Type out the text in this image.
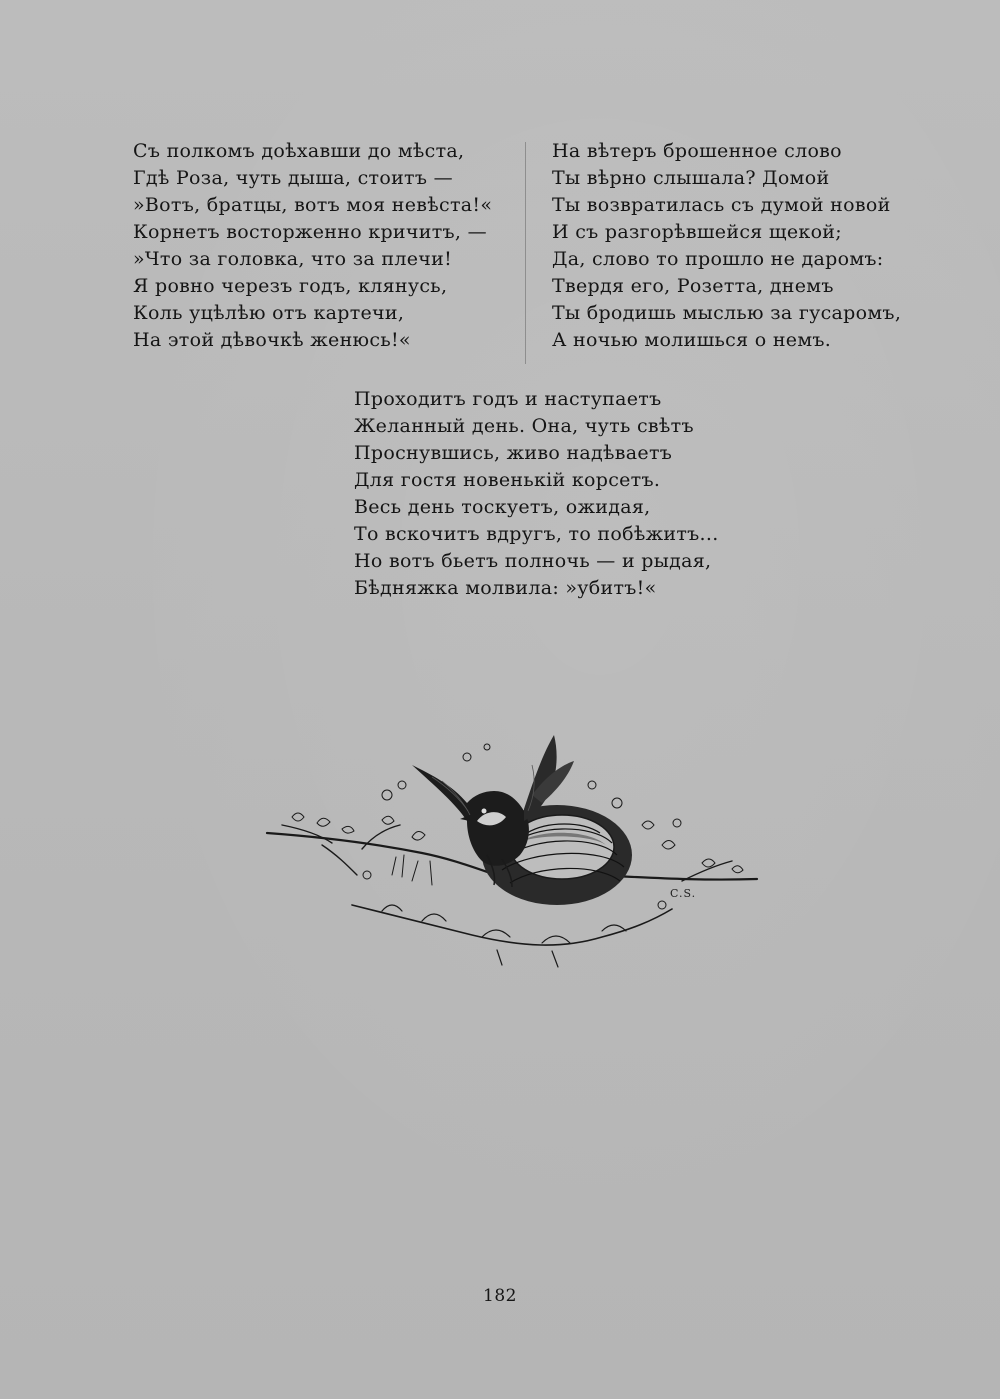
Съ полкомъ доѣхавши до мѣста,
Гдѣ Роза, чуть дыша, стоитъ —
»Вотъ, братцы, вотъ моя невѣста!«
Корнетъ восторженно кричитъ, —
»Что за головка, что за плечи!
Я ровно черезъ годъ, клянусь,
Коль уцѣлѣю отъ картечи,
На этой дѣвочкѣ женюсь!«
На вѣтеръ брошенное слово
Ты вѣрно слышала? Домой
Ты возвратилась съ думой новой
И съ разгорѣвшейся щекой;
Да, слово то прошло не даромъ:
Твердя его, Розетта, днемъ
Ты бродишь мыслью за гусаромъ,
А ночью молишься о немъ.
Проходитъ годъ и наступаетъ
Желанный день. Она, чуть свѣтъ
Проснувшись, живо надѣваетъ
Для гостя новенькій корсетъ.
Весь день тоскуетъ, ожидая,
То вскочитъ вдругъ, то побѣжитъ...
Но вотъ бьетъ полночь — и рыдая,
Бѣдняжка молвила: »убитъ!«
C.S.
182
